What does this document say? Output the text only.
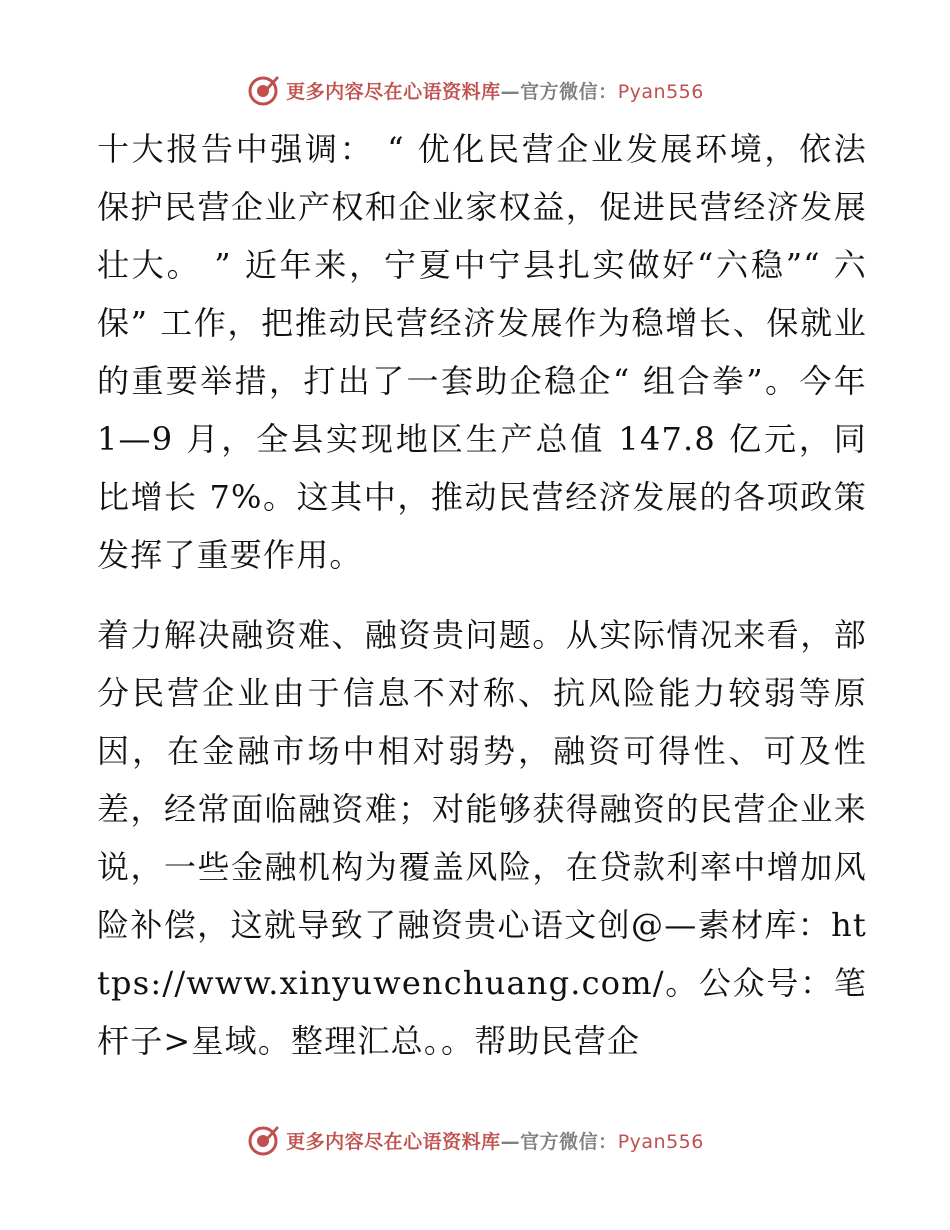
更多内容尽在心语资料库—官方微信：Pyan556

十大报告中强调： “ 优化民营企业发展环境，依法保护民营企业产权和企业家权益，促进民营经济发展壮大。 ” 近年来，宁夏中宁县扎实做好“六稳”“ 六保” 工作，把推动民营经济发展作为稳增长、保就业的重要举措，打出了一套助企稳企“ 组合拳”。今年 1—9 月，全县实现地区生产总值 147.8 亿元，同比增长 7%。这其中，推动民营经济发展的各项政策发挥了重要作用。

着力解决融资难、融资贵问题。从实际情况来看，部分民营企业由于信息不对称、抗风险能力较弱等原因，在金融市场中相对弱势，融资可得性、可及性差，经常面临融资难；对能够获得融资的民营企业来说，一些金融机构为覆盖风险，在贷款利率中增加风险补偿，这就导致了融资贵心语文创@—素材库：https://www.xinyuwenchuang.com/。公众号：笔杆子>星域。整理汇总。。帮助民营企

更多内容尽在心语资料库—官方微信：Pyan556
